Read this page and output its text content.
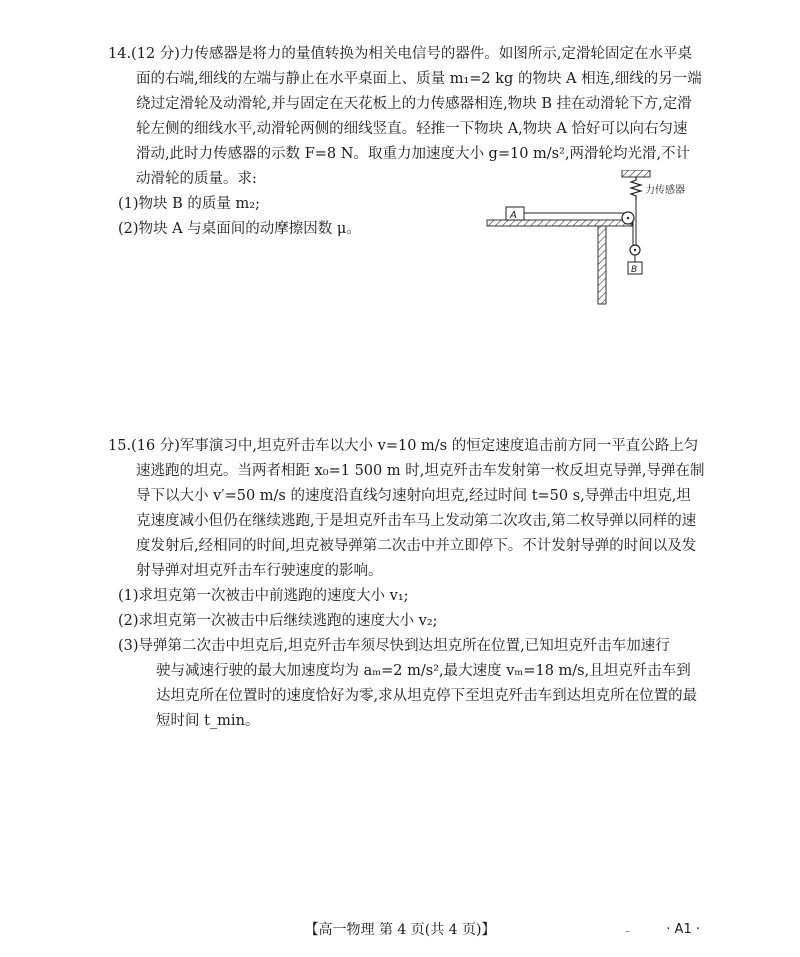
14.(12 分)力传感器是将力的量值转换为相关电信号的器件。如图所示,定滑轮固定在水平桌
面的右端,细线的左端与静止在水平桌面上、质量 m₁=2 kg 的物块 A 相连,细线的另一端
绕过定滑轮及动滑轮,并与固定在天花板上的力传感器相连,物块 B 挂在动滑轮下方,定滑
轮左侧的细线水平,动滑轮两侧的细线竖直。轻推一下物块 A,物块 A 恰好可以向右匀速
滑动,此时力传感器的示数 F=8 N。取重力加速度大小 g=10 m/s²,两滑轮均光滑,不计
动滑轮的质量。求:
(1)物块 B 的质量 m₂;
(2)物块 A 与桌面间的动摩擦因数 μ。
力传感器
A
B
15.(16 分)军事演习中,坦克歼击车以大小 v=10 m/s 的恒定速度追击前方同一平直公路上匀
速逃跑的坦克。当两者相距 x₀=1 500 m 时,坦克歼击车发射第一枚反坦克导弹,导弹在制
导下以大小 v′=50 m/s 的速度沿直线匀速射向坦克,经过时间 t=50 s,导弹击中坦克,坦
克速度减小但仍在继续逃跑,于是坦克歼击车马上发动第二次攻击,第二枚导弹以同样的速
度发射后,经相同的时间,坦克被导弹第二次击中并立即停下。不计发射导弹的时间以及发
射导弹对坦克歼击车行驶速度的影响。
(1)求坦克第一次被击中前逃跑的速度大小 v₁;
(2)求坦克第一次被击中后继续逃跑的速度大小 v₂;
(3)导弹第二次击中坦克后,坦克歼击车须尽快到达坦克所在位置,已知坦克歼击车加速行
驶与减速行驶的最大加速度均为 aₘ=2 m/s²,最大速度 vₘ=18 m/s,且坦克歼击车到
达坦克所在位置时的速度恰好为零,求从坦克停下至坦克歼击车到达坦克所在位置的最
短时间 t_min。
【高一物理 第 4 页(共 4 页)】	–	· A1 ·
